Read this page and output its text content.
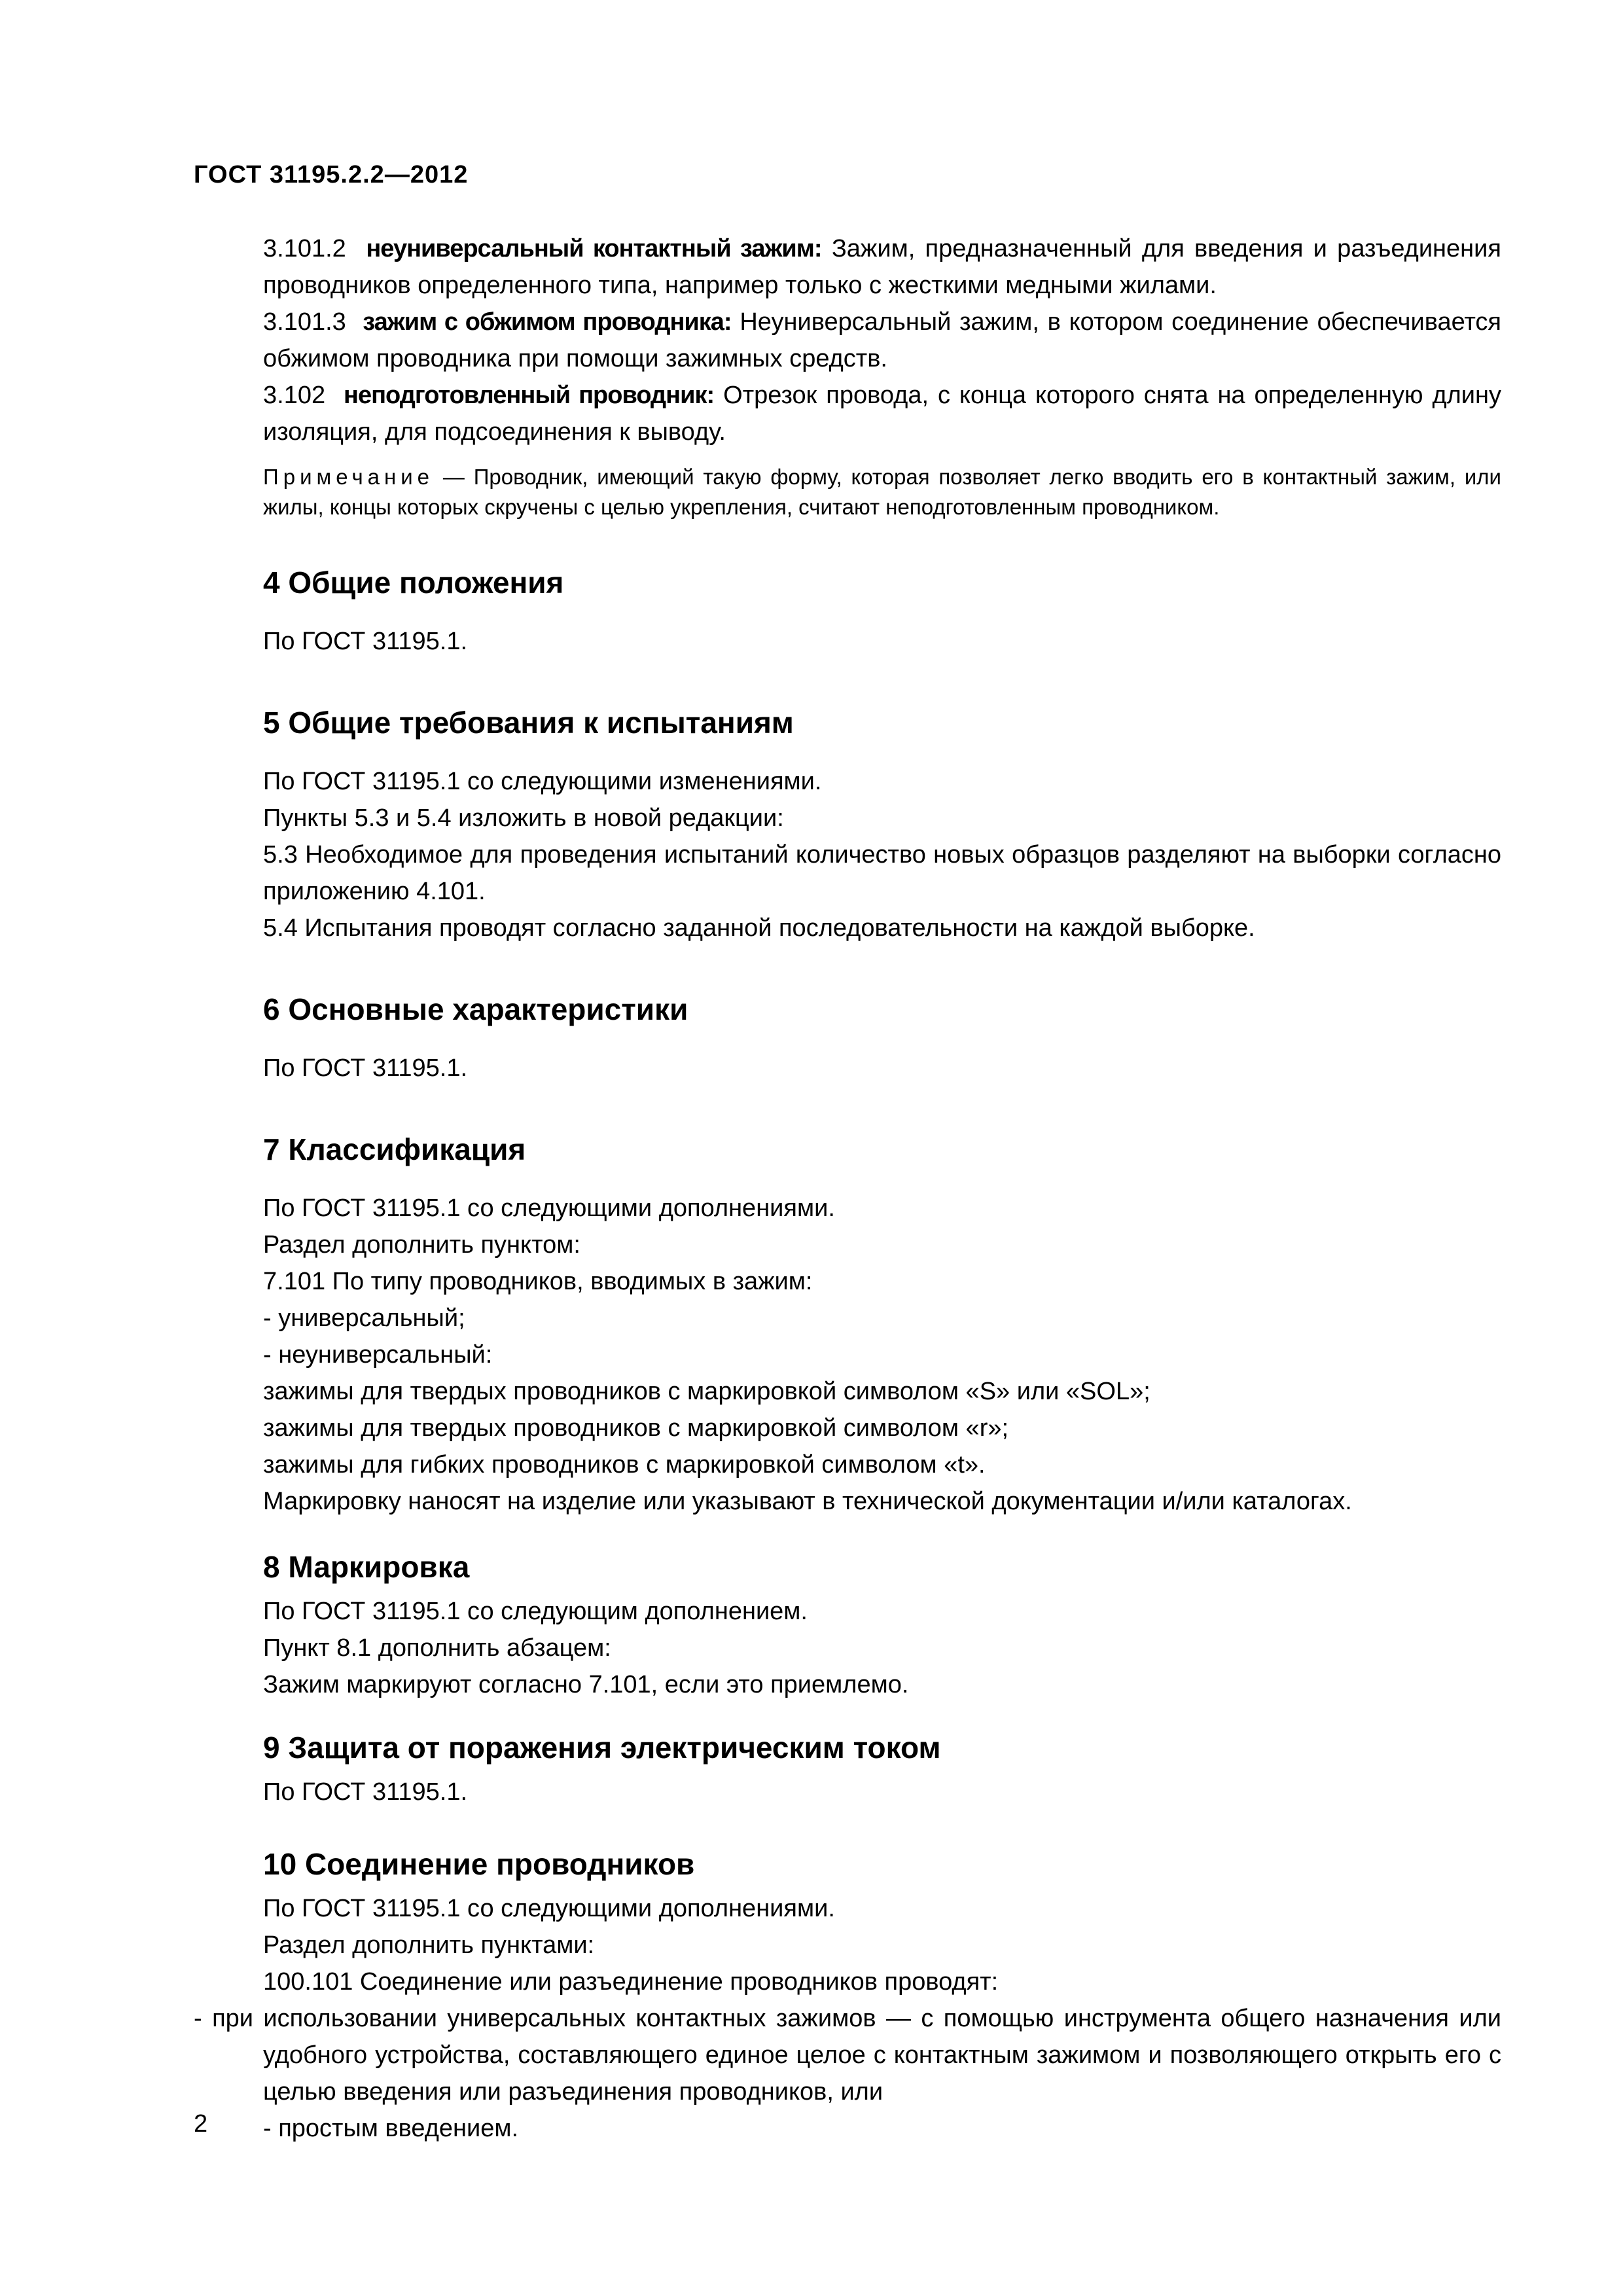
ГОСТ 31195.2.2—2012

3.101.2 неуниверсальный контактный зажим: Зажим, предназначенный для введения и разъединения проводников определенного типа, например только с жесткими медными жилами.

3.101.3 зажим с обжимом проводника: Неуниверсальный зажим, в котором соединение обеспечивается обжимом проводника при помощи зажимных средств.

3.102 неподготовленный проводник: Отрезок провода, с конца которого снята на определенную длину изоляция, для подсоединения к выводу.

Примечание — Проводник, имеющий такую форму, которая позволяет легко вводить его в контактный зажим, или жилы, концы которых скручены с целью укрепления, считают неподготовленным проводником.

4 Общие положения

По ГОСТ 31195.1.

5 Общие требования к испытаниям

По ГОСТ 31195.1 со следующими изменениями.

Пункты 5.3 и 5.4 изложить в новой редакции:

5.3 Необходимое для проведения испытаний количество новых образцов разделяют на выборки согласно приложению 4.101.

5.4 Испытания проводят согласно заданной последовательности на каждой выборке.

6 Основные характеристики

По ГОСТ 31195.1.

7 Классификация

По ГОСТ 31195.1 со следующими дополнениями.

Раздел дополнить пунктом:

7.101 По типу проводников, вводимых в зажим:

- универсальный;

- неуниверсальный:

зажимы для твердых проводников с маркировкой символом «S» или «SOL»;

зажимы для твердых проводников с маркировкой символом «r»;

зажимы для гибких проводников с маркировкой символом «t».

Маркировку наносят на изделие или указывают в технической документации и/или каталогах.

8 Маркировка

По ГОСТ 31195.1 со следующим дополнением.

Пункт 8.1 дополнить абзацем:

Зажим маркируют согласно 7.101, если это приемлемо.

9 Защита от поражения электрическим током

По ГОСТ 31195.1.

10 Соединение проводников

По ГОСТ 31195.1 со следующими дополнениями.

Раздел дополнить пунктами:

100.101 Соединение или разъединение проводников проводят:

- при использовании универсальных контактных зажимов — с помощью инструмента общего назначения или удобного устройства, составляющего единое целое с контактным зажимом и позволяющего открыть его с целью введения или разъединения проводников, или

- простым введением.

2
